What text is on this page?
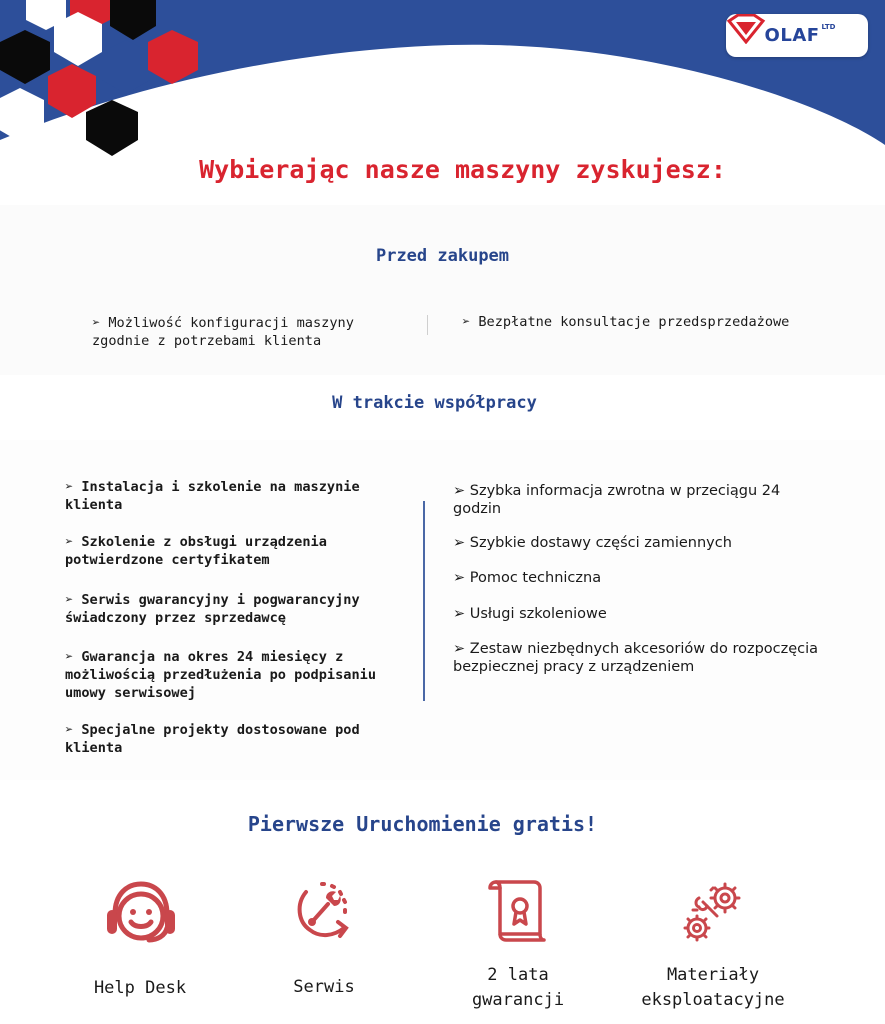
OLAF LTD
Wybierając nasze maszyny zyskujesz:
Przed zakupem
➢ Możliwość konfiguracji maszyny zgodnie z potrzebami klienta
➢ Bezpłatne konsultacje przedsprzedażowe
W trakcie współpracy
➢ Instalacja i szkolenie na maszynie klienta
➢ Szkolenie z obsługi urządzenia potwierdzone certyfikatem
➢ Serwis gwarancyjny i pogwarancyjny świadczony przez sprzedawcę
➢ Gwarancja na okres 24 miesięcy z możliwością przedłużenia po podpisaniu umowy serwisowej
➢ Specjalne projekty dostosowane pod klienta
➢ Szybka informacja zwrotna w przeciągu 24 godzin
➢ Szybkie dostawy części zamiennych
➢ Pomoc techniczna
➢ Usługi szkoleniowe
➢ Zestaw niezbędnych akcesoriów do rozpoczęcia bezpiecznej pracy z urządzeniem
Pierwsze Uruchomienie gratis!
Help Desk	Serwis
2 lata gwarancji
Materiały eksploatacyjne
